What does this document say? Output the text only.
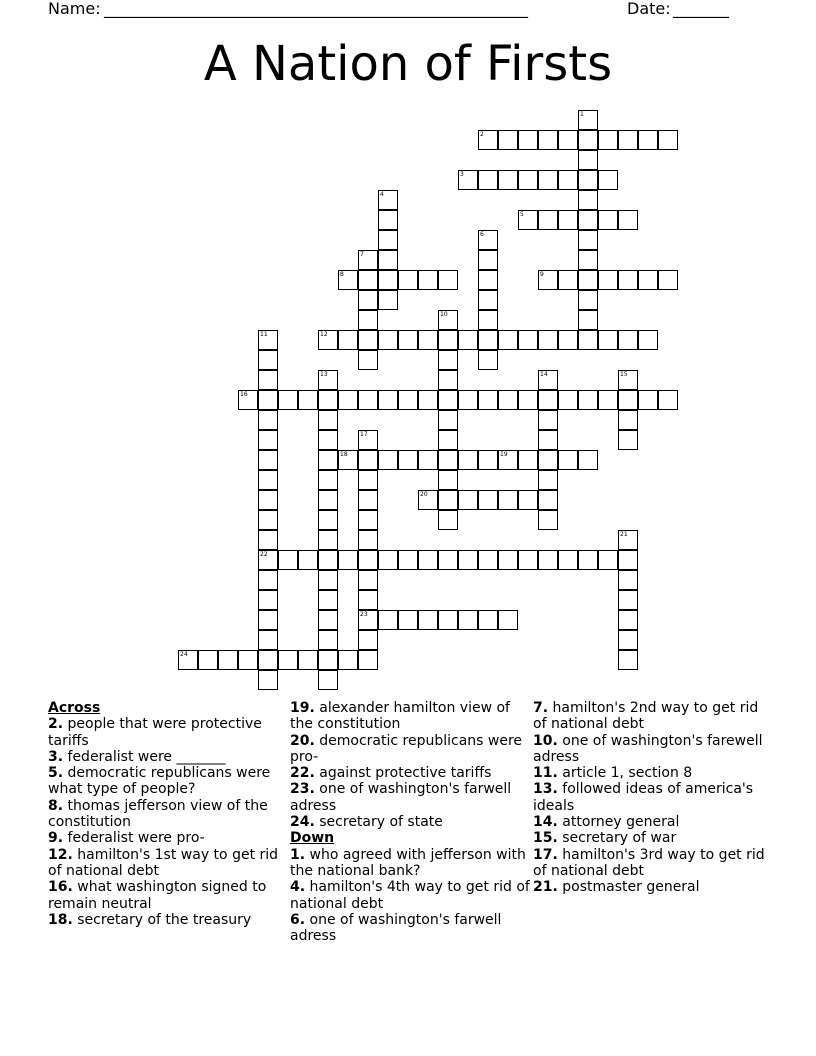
Name: _____________________________________________________	Date: _______
A Nation of Firsts
1
2
3
4
5
6
7
8	9
10
11
22
12
13	14	15
16
17
23
18	19
20
21
24

Across

2. people that were protective tariffs

3. federalist were _______

5. democratic republicans were what type of people?

8. thomas jefferson view of the constitution

9. federalist were pro-

12. hamilton's 1st way to get rid of national debt

16. what washington signed to remain neutral

18. secretary of the treasury

19. alexander hamilton view of the constitution

20. democratic republicans were pro-

22. against protective tariffs

23. one of washington's farwell adress

24. secretary of state

Down

1. who agreed with jefferson with the national bank?

4. hamilton's 4th way to get rid of national debt

6. one of washington's farwell adress

7. hamilton's 2nd way to get rid of national debt

10. one of washington's farewell adress

11. article 1, section 8

13. followed ideas of america's ideals

14. attorney general

15. secretary of war

17. hamilton's 3rd way to get rid of national debt

21. postmaster general
